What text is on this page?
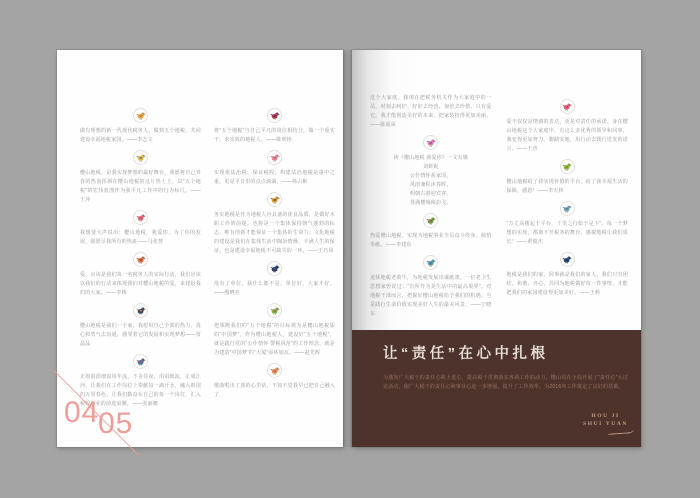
做有理想的新一代现代税务人，做到五个地税，共同建设幸福地税家园。——李志文

樱山地税，是我实现梦想的最好舞台，我愿将自己青春的热血挥洒在樱山地税的这片热土上，以“五个地税”的宏伟蓝图作为我平凡工作中的行为标尺。——王萍

我想要大声说出：樱山地税，我爱你，为了你的发展，我愿尽我所有的热血——马张慧

爱，应该是我们每一名税务人的实际行动，我们应该以我们的行动来体现我们对樱山地税的爱，来建设我们的大家。——李梅

樱山地税是我们一个家，我愿用自己全部的热力、真心和勇气去沟通，感受着它的发展和实现梦想——贾晶晶

正如涓涓细流每年流，不舍昼夜，涓涓细流，汇成江河，让我们在工作岗位上奉献每一滴汗水，融入祖国的万里春色，让我们勤奋在自己的每一个岗位，汇入税收事业的前进浪潮。——张丽娜

将“五个地税”与自己平凡的岗位相结合，做一个重实干、求实效的地税人。——陈明艳

实现依法治税，保证税收，构建法治地税是重中之重，更是平日里的点点滴滴。——韩占彬

务实地税是作为地税人应具备的优良品质，是做好本职工作的前提，也将是一个集体保持朝气蓬勃的标志，唯有创新才能保证一个集体的生命力；文化地税的建设是我们在集体生活中陶冶情操、丰满人生的保证，也是建设幸福地税不可缺失的一环。——王巧凤

没有了单位，我什么都不是，单位好，大家才好。——殷晓亮

把领跑我们的“五个地税”的目标视为是樱山地税版的“中国梦”，作为樱山地税人，建设好“五个地税”，就是践行党的“公仆情怀 警税风范”的工作理念，就是为建造“中国梦”的“大厦”添砖加瓦。——赵光辉

歌曲唱出了我的心里话，不知不觉我早已把自己融入了

04
05

这个大家庭。我现在把税务机关作为大家庭中的一员，时刻去呵护、好好去经营、加倍去珍惜，只有爱它，我才能创造美好的未来，把家装扮得更加美丽。——陈福荣

读《樱山地税 我爱你》一文有感
刘妍妮
公仆情怀系家国，
风雨兼程沐春晖，
明朝古港迎宾客，
誉满樱城税韵飞。

热爱樱山地税，实现为地税事业全员奋斗终身，倾情奉献。——李建东

退休地税老黄牛，为地税发展出谋献策。一位老卫生思想家曾说过：“有所作为是生活中的最高境界”，对地税干部而言，把握好樱山地税给予我们的机遇，当是践行生命价值实现美好人生的最美风景。——宁晓东

爱不仅仅是情感的表达，更是对责任的承诺。身在樱山地税这个大家庭中，有这么多优秀的领导和同事，我变得更加努力、脚踏实地，用行动去践行迸发的诺言。——王青

樱山地税给了我实现价值的平台，给了我幸福生活的保障，感恩！——李天林

“万丈高楼起于平台，千里之行始于足下”。每一个梦想的实现，都离不开税务的舞台，感谢地税让我们成长！——黄俊杰

地税是我们的家，同事就是我们的家人，我们只有团结、和谐、齐心，共同为地税做好每一件事情，才能把我们的家园建设得更加美好。——王莉

让“责任”在心中扎根

为激发广大税干的责任心和上进心，提高税干贯彻落实各项工作的动力，樱山局在全局开展了“责任心”大讨论活动，使广大税干的责任心和事业心进一步增强，提升了工作效率，为2016年工作奠定了良好的基础。

HOU JI
SHUI YUAN
